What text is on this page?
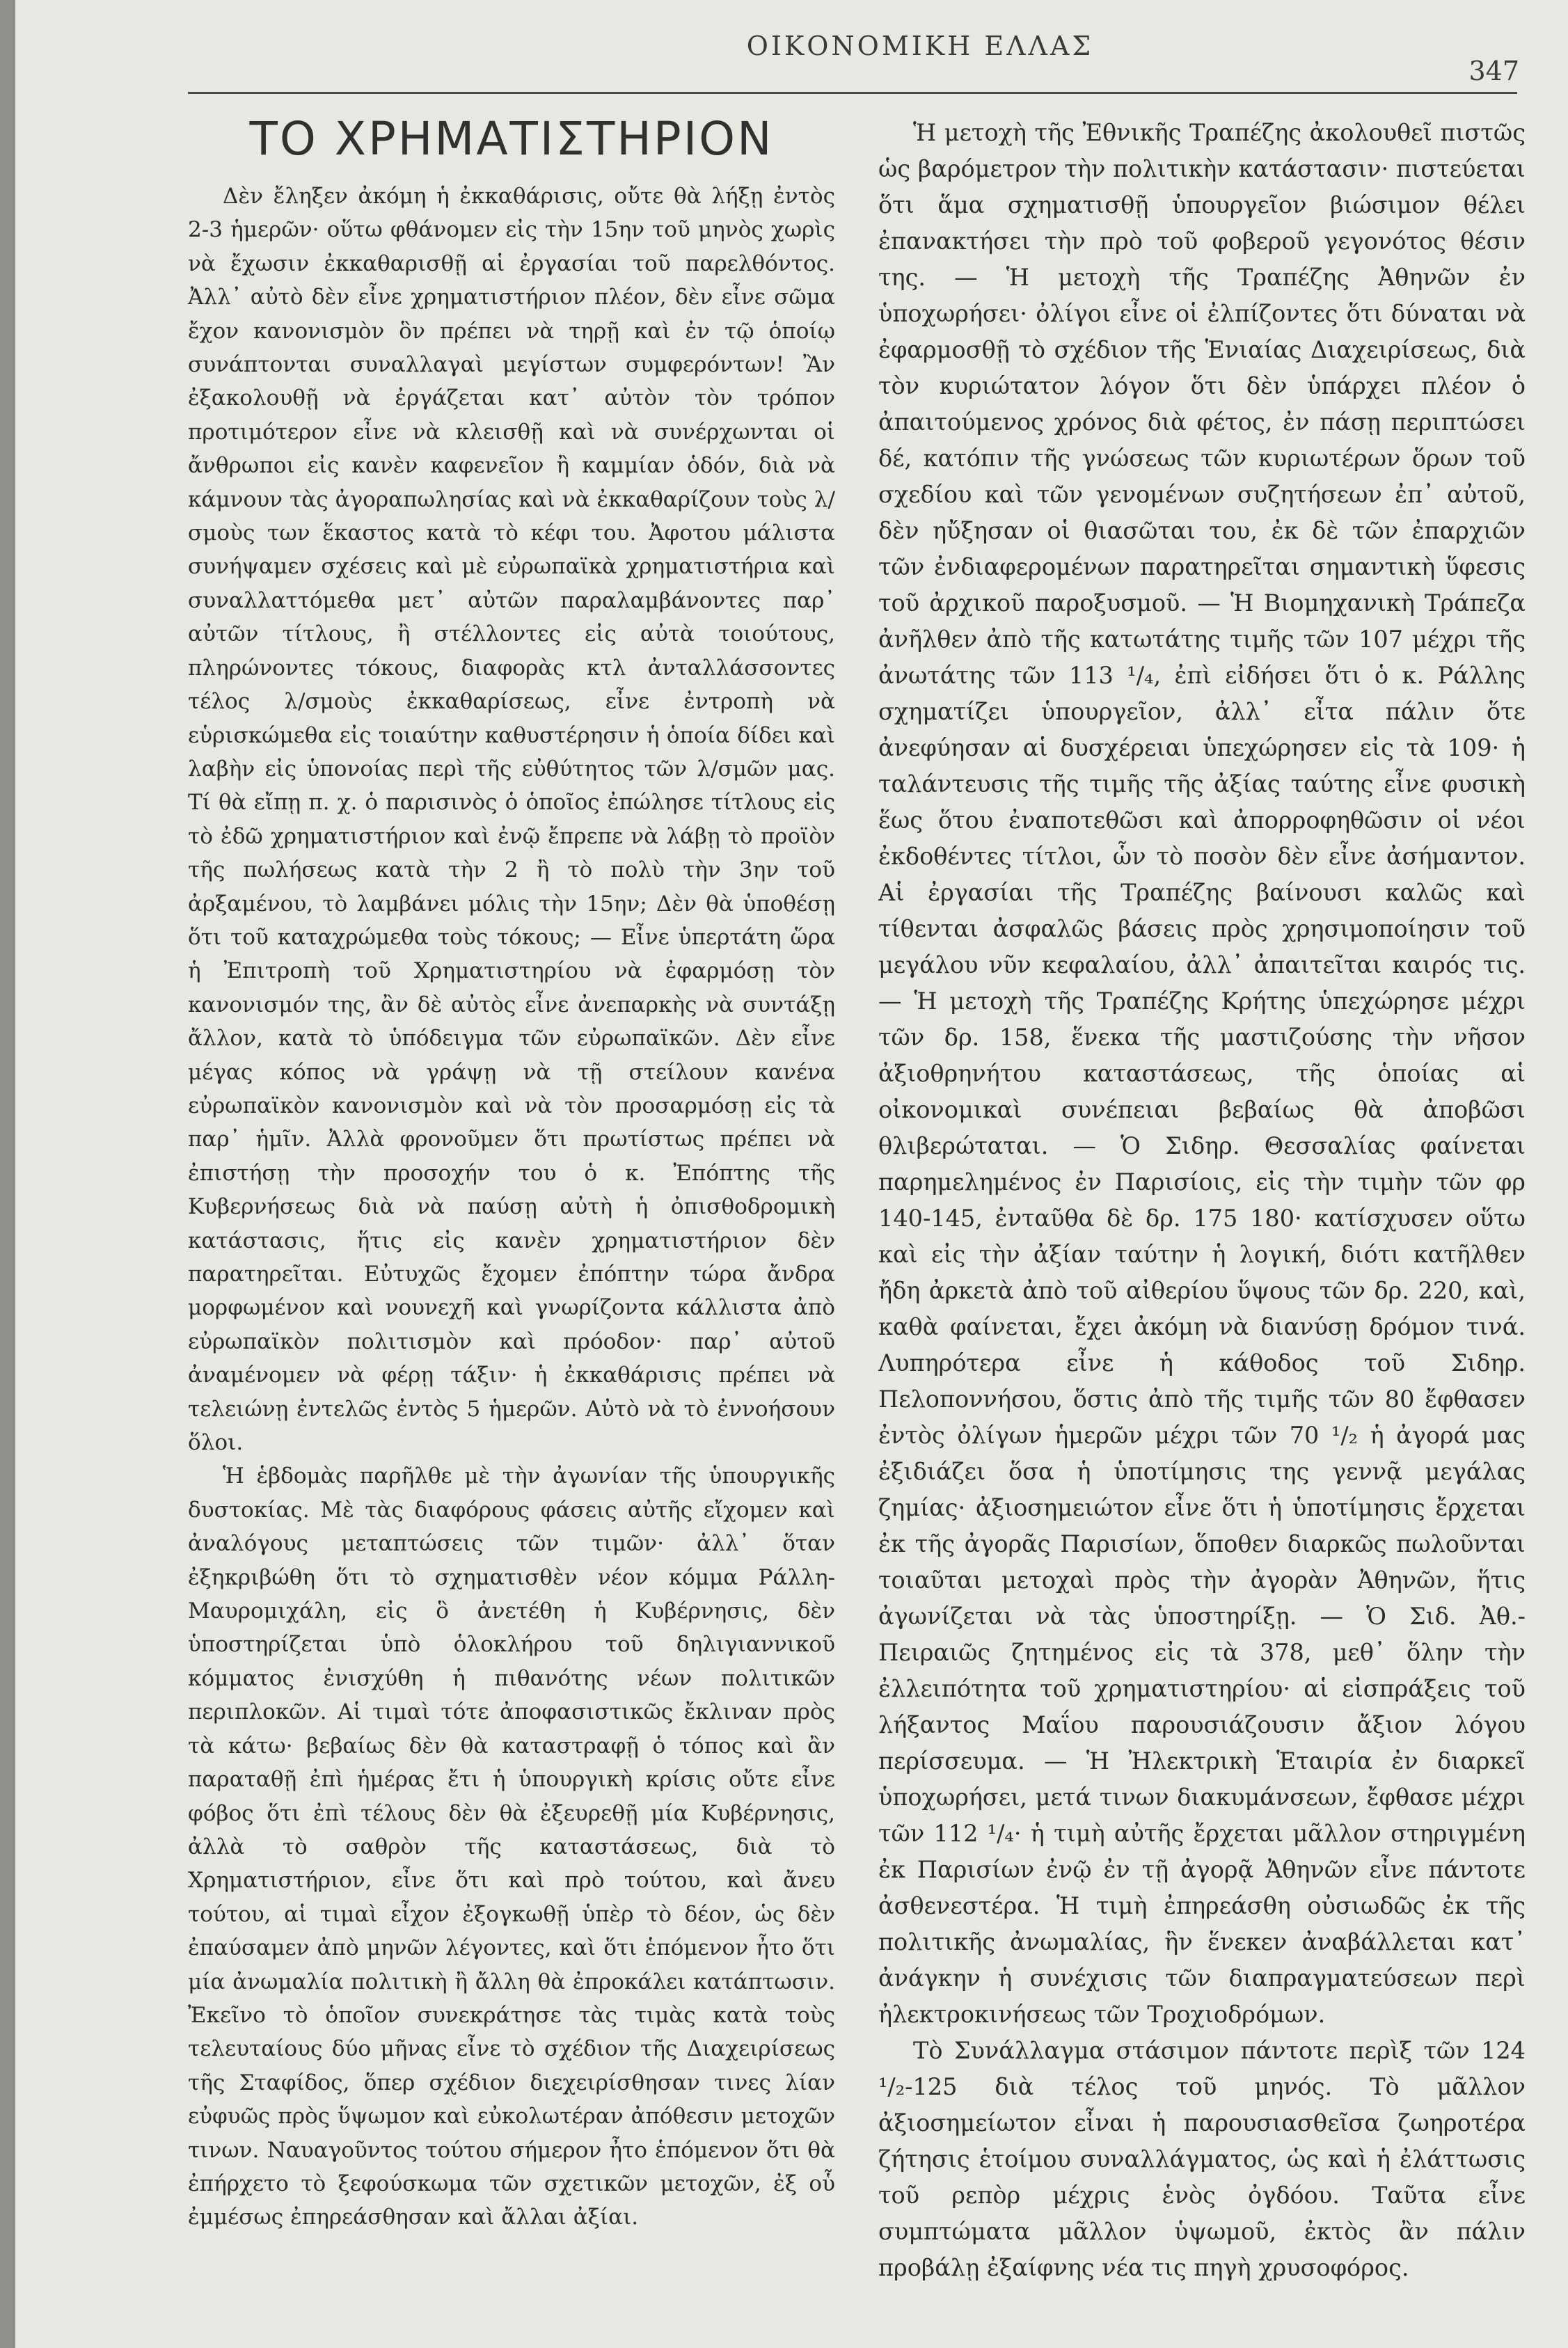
ΟΙΚΟΝΟΜΙΚΗ ΕΛΛΑΣ
347
ΤΟ ΧΡΗΜΑΤΙΣΤΗΡΙΟΝ

Δὲν ἔληξεν ἀκόμη ἡ ἐκκαθάρισις, οὔτε θὰ λήξῃ ἐντὸς 2-3 ἡμερῶν· οὕτω φθάνομεν εἰς τὴν 15ην τοῦ μηνὸς χωρὶς νὰ ἔχωσιν ἐκκαθαρισθῇ αἱ ἐργασίαι τοῦ παρελθόντος. Ἀλλ᾽ αὐτὸ δὲν εἶνε χρηματιστήριον πλέον, δὲν εἶνε σῶμα ἔχον κανονισμὸν ὃν πρέπει νὰ τηρῇ καὶ ἐν τῷ ὁποίῳ συνάπτονται συναλλαγαὶ μεγίστων συμφερόντων! Ἂν ἐξακολουθῇ νὰ ἐργάζεται κατ᾽ αὐτὸν τὸν τρόπον προτιμότερον εἶνε νὰ κλεισθῇ καὶ νὰ συνέρχωνται οἱ ἄνθρωποι εἰς κανὲν καφενεῖον ἢ καμμίαν ὁδόν, διὰ νὰ κάμνουν τὰς ἀγοραπωλησίας καὶ νὰ ἐκκαθαρίζουν τοὺς λ/σμοὺς των ἕκαστος κατὰ τὸ κέφι του. Ἀφοτου μάλιστα συνήψαμεν σχέσεις καὶ μὲ εὐρωπαϊκὰ χρηματιστήρια καὶ συναλλαττόμεθα μετ᾽ αὐτῶν παραλαμβάνοντες παρ᾽ αὐτῶν τίτλους, ἢ στέλλοντες εἰς αὐτὰ τοιούτους, πληρώνοντες τόκους, διαφορὰς κτλ ἀνταλλάσσοντες τέλος λ/σμοὺς ἐκκαθαρίσεως, εἶνε ἐντροπὴ νὰ εὑρισκώμεθα εἰς τοιαύτην καθυστέρησιν ἡ ὁποία δίδει καὶ λαβὴν εἰς ὑπονοίας περὶ τῆς εὐθύτητος τῶν λ/σμῶν μας. Τί θὰ εἴπῃ π. χ. ὁ παρισινὸς ὁ ὁποῖος ἐπώλησε τίτλους εἰς τὸ ἐδῶ χρηματιστήριον καὶ ἐνῷ ἔπρεπε νὰ λάβῃ τὸ προϊὸν τῆς πωλήσεως κατὰ τὴν 2 ἢ τὸ πολὺ τὴν 3ην τοῦ ἀρξαμένου, τὸ λαμβάνει μόλις τὴν 15ην; Δὲν θὰ ὑποθέσῃ ὅτι τοῦ καταχρώμεθα τοὺς τόκους; — Εἶνε ὑπερτάτη ὥρα ἡ Ἐπιτροπὴ τοῦ Χρηματιστηρίου νὰ ἐφαρμόσῃ τὸν κανονισμόν της, ἂν δὲ αὐτὸς εἶνε ἀνεπαρκὴς νὰ συντάξῃ ἄλλον, κατὰ τὸ ὑπόδειγμα τῶν εὐρωπαϊκῶν. Δὲν εἶνε μέγας κόπος νὰ γράψῃ νὰ τῇ στείλουν κανένα εὐρωπαϊκὸν κανονισμὸν καὶ νὰ τὸν προσαρμόσῃ εἰς τὰ παρ᾽ ἡμῖν. Ἀλλὰ φρονοῦμεν ὅτι πρωτίστως πρέπει νὰ ἐπιστήσῃ τὴν προσοχήν του ὁ κ. Ἐπόπτης τῆς Κυβερνήσεως διὰ νὰ παύσῃ αὐτὴ ἡ ὀπισθοδρομικὴ κατάστασις, ἥτις εἰς κανὲν χρηματιστήριον δὲν παρατηρεῖται. Εὐτυχῶς ἔχομεν ἐπόπτην τώρα ἄνδρα μορφωμένον καὶ νουνεχῆ καὶ γνωρίζοντα κάλλιστα ἀπὸ εὐρωπαϊκὸν πολιτισμὸν καὶ πρόοδον· παρ᾽ αὐτοῦ ἀναμένομεν νὰ φέρῃ τάξιν· ἡ ἐκκαθάρισις πρέπει νὰ τελειώνῃ ἐντελῶς ἐντὸς 5 ἡμερῶν. Αὐτὸ νὰ τὸ ἐννοήσουν ὅλοι.

Ἡ ἑβδομὰς παρῆλθε μὲ τὴν ἀγωνίαν τῆς ὑπουργικῆς δυστοκίας. Μὲ τὰς διαφόρους φάσεις αὐτῆς εἴχομεν καὶ ἀναλόγους μεταπτώσεις τῶν τιμῶν· ἀλλ᾽ ὅταν ἐξηκριβώθη ὅτι τὸ σχηματισθὲν νέον κόμμα Ράλλη-Μαυρομιχάλη, εἰς ὃ ἀνετέθη ἡ Κυβέρνησις, δὲν ὑποστηρίζεται ὑπὸ ὁλοκλήρου τοῦ δηλιγιαννικοῦ κόμματος ἐνισχύθη ἡ πιθανότης νέων πολιτικῶν περιπλοκῶν. Αἱ τιμαὶ τότε ἀποφασιστικῶς ἔκλιναν πρὸς τὰ κάτω· βεβαίως δὲν θὰ καταστραφῇ ὁ τόπος καὶ ἂν παραταθῇ ἐπὶ ἡμέρας ἔτι ἡ ὑπουργικὴ κρίσις οὔτε εἶνε φόβος ὅτι ἐπὶ τέλους δὲν θὰ ἐξευρεθῇ μία Κυβέρνησις, ἀλλὰ τὸ σαθρὸν τῆς καταστάσεως, διὰ τὸ Χρηματιστήριον, εἶνε ὅτι καὶ πρὸ τούτου, καὶ ἄνευ τούτου, αἱ τιμαὶ εἶχον ἐξογκωθῇ ὑπὲρ τὸ δέον, ὡς δὲν ἐπαύσαμεν ἀπὸ μηνῶν λέγοντες, καὶ ὅτι ἑπόμενον ἦτο ὅτι μία ἀνωμαλία πολιτικὴ ἢ ἄλλη θὰ ἐπροκάλει κατάπτωσιν. Ἐκεῖνο τὸ ὁποῖον συνεκράτησε τὰς τιμὰς κατὰ τοὺς τελευταίους δύο μῆνας εἶνε τὸ σχέδιον τῆς Διαχειρίσεως τῆς Σταφίδος, ὅπερ σχέδιον διεχειρίσθησαν τινες λίαν εὐφυῶς πρὸς ὕψωμον καὶ εὐκολωτέραν ἀπόθεσιν μετοχῶν τινων. Ναυαγοῦντος τούτου σήμερον ἦτο ἑπόμενον ὅτι θὰ ἐπήρχετο τὸ ξεφούσκωμα τῶν σχετικῶν μετοχῶν, ἐξ οὗ ἐμμέσως ἐπηρεάσθησαν καὶ ἄλλαι ἀξίαι.

Ἡ μετοχὴ τῆς Ἐθνικῆς Τραπέζης ἀκολουθεῖ πιστῶς ὡς βαρόμετρον τὴν πολιτικὴν κατάστασιν· πιστεύεται ὅτι ἅμα σχηματισθῇ ὑπουργεῖον βιώσιμον θέλει ἐπανακτήσει τὴν πρὸ τοῦ φοβεροῦ γεγονότος θέσιν της. — Ἡ μετοχὴ τῆς Τραπέζης Ἀθηνῶν ἐν ὑποχωρήσει· ὀλίγοι εἶνε οἱ ἐλπίζοντες ὅτι δύναται νὰ ἐφαρμοσθῇ τὸ σχέδιον τῆς Ἑνιαίας Διαχειρίσεως, διὰ τὸν κυριώτατον λόγον ὅτι δὲν ὑπάρχει πλέον ὁ ἀπαιτούμενος χρόνος διὰ φέτος, ἐν πάσῃ περιπτώσει δέ, κατόπιν τῆς γνώσεως τῶν κυριωτέρων ὅρων τοῦ σχεδίου καὶ τῶν γενομένων συζητήσεων ἐπ᾽ αὐτοῦ, δὲν ηὔξησαν οἱ θιασῶται του, ἐκ δὲ τῶν ἐπαρχιῶν τῶν ἐνδιαφερομένων παρατηρεῖται σημαντικὴ ὕφεσις τοῦ ἀρχικοῦ παροξυσμοῦ. — Ἡ Βιομηχανικὴ Τράπεζα ἀνῆλθεν ἀπὸ τῆς κατωτάτης τιμῆς τῶν 107 μέχρι τῆς ἀνωτάτης τῶν 113 ¹/₄, ἐπὶ εἰδήσει ὅτι ὁ κ. Ράλλης σχηματίζει ὑπουργεῖον, ἀλλ᾽ εἶτα πάλιν ὅτε ἀνεφύησαν αἱ δυσχέρειαι ὑπεχώρησεν εἰς τὰ 109· ἡ ταλάντευσις τῆς τιμῆς τῆς ἀξίας ταύτης εἶνε φυσικὴ ἕως ὅτου ἐναποτεθῶσι καὶ ἀπορροφηθῶσιν οἱ νέοι ἐκδοθέντες τίτλοι, ὧν τὸ ποσὸν δὲν εἶνε ἀσήμαντον. Αἱ ἐργασίαι τῆς Τραπέζης βαίνουσι καλῶς καὶ τίθενται ἀσφαλῶς βάσεις πρὸς χρησιμοποίησιν τοῦ μεγάλου νῦν κεφαλαίου, ἀλλ᾽ ἀπαιτεῖται καιρός τις. — Ἡ μετοχὴ τῆς Τραπέζης Κρήτης ὑπεχώρησε μέχρι τῶν δρ. 158, ἕνεκα τῆς μαστιζούσης τὴν νῆσον ἀξιοθρηνήτου καταστάσεως, τῆς ὁποίας αἱ οἰκονομικαὶ συνέπειαι βεβαίως θὰ ἀποβῶσι θλιβερώταται. — Ὁ Σιδηρ. Θεσσαλίας φαίνεται παρημελημένος ἐν Παρισίοις, εἰς τὴν τιμὴν τῶν φρ 140-145, ἐνταῦθα δὲ δρ. 175 180· κατίσχυσεν οὕτω καὶ εἰς τὴν ἀξίαν ταύτην ἡ λογική, διότι κατῆλθεν ἤδη ἀρκετὰ ἀπὸ τοῦ αἰθερίου ὕψους τῶν δρ. 220, καὶ, καθὰ φαίνεται, ἔχει ἀκόμη νὰ διανύσῃ δρόμον τινά. Λυπηρότερα εἶνε ἡ κάθοδος τοῦ Σιδηρ. Πελοποννήσου, ὅστις ἀπὸ τῆς τιμῆς τῶν 80 ἔφθασεν ἐντὸς ὀλίγων ἡμερῶν μέχρι τῶν 70 ¹/₂ ἡ ἀγορά μας ἐξιδιάζει ὅσα ἡ ὑποτίμησις της γεννᾷ μεγάλας ζημίας· ἀξιοσημειώτον εἶνε ὅτι ἡ ὑποτίμησις ἔρχεται ἐκ τῆς ἀγορᾶς Παρισίων, ὅποθεν διαρκῶς πωλοῦνται τοιαῦται μετοχαὶ πρὸς τὴν ἀγορὰν Ἀθηνῶν, ἥτις ἀγωνίζεται νὰ τὰς ὑποστηρίξῃ. — Ὁ Σιδ. Ἀθ.-Πειραιῶς ζητημένος εἰς τὰ 378, μεθ᾽ ὅλην τὴν ἐλλειπότητα τοῦ χρηματιστηρίου· αἱ εἰσπράξεις τοῦ λήξαντος Μαΐου παρουσιάζουσιν ἄξιον λόγου περίσσευμα. — Ἡ Ἠλεκτρικὴ Ἑταιρία ἐν διαρκεῖ ὑποχωρήσει, μετά τινων διακυμάνσεων, ἔφθασε μέχρι τῶν 112 ¹/₄· ἡ τιμὴ αὐτῆς ἔρχεται μᾶλλον στηριγμένη ἐκ Παρισίων ἐνῷ ἐν τῇ ἀγορᾷ Ἀθηνῶν εἶνε πάντοτε ἀσθενεστέρα. Ἡ τιμὴ ἐπηρεάσθη οὐσιωδῶς ἐκ τῆς πολιτικῆς ἀνωμαλίας, ἣν ἕνεκεν ἀναβάλλεται κατ᾽ ἀνάγκην ἡ συνέχισις τῶν διαπραγματεύσεων περὶ ἠλεκτροκινήσεως τῶν Τροχιοδρόμων.

Τὸ Συνάλλαγμα στάσιμον πάντοτε περὶξ τῶν 124 ¹/₂-125 διὰ τέλος τοῦ μηνός. Τὸ μᾶλλον ἀξιοσημείωτον εἶναι ἡ παρουσιασθεῖσα ζωηροτέρα ζήτησις ἑτοίμου συναλλάγματος, ὡς καὶ ἡ ἐλάττωσις τοῦ ρεπὸρ μέχρις ἑνὸς ὀγδόου. Ταῦτα εἶνε συμπτώματα μᾶλλον ὑψωμοῦ, ἐκτὸς ἂν πάλιν προβάλῃ ἐξαίφνης νέα τις πηγὴ χρυσοφόρος.
